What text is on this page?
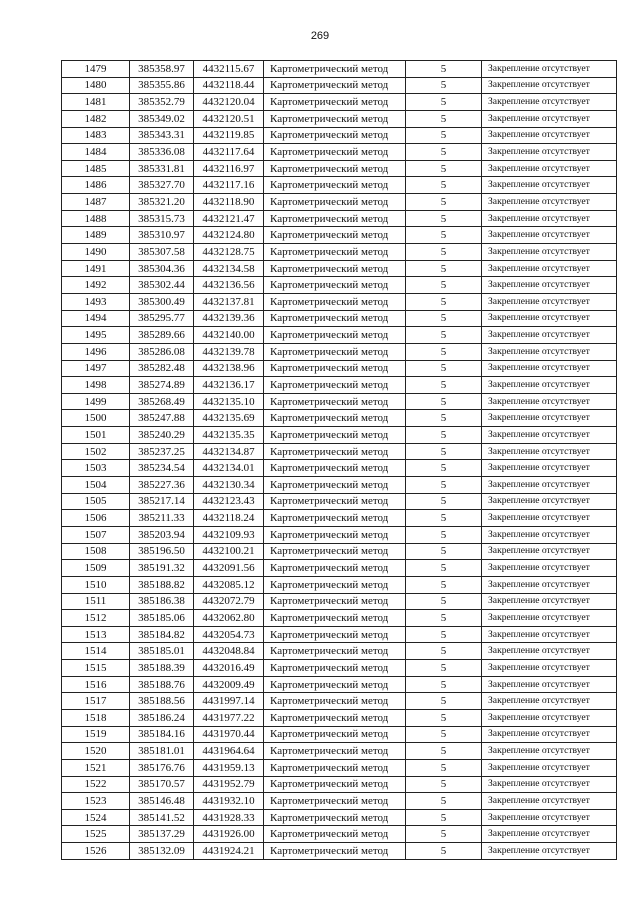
269
1479	385358.97	4432115.67	Картометрический метод	5	Закрепление отсутствует
1480	385355.86	4432118.44	Картометрический метод	5	Закрепление отсутствует
1481	385352.79	4432120.04	Картометрический метод	5	Закрепление отсутствует
1482	385349.02	4432120.51	Картометрический метод	5	Закрепление отсутствует
1483	385343.31	4432119.85	Картометрический метод	5	Закрепление отсутствует
1484	385336.08	4432117.64	Картометрический метод	5	Закрепление отсутствует
1485	385331.81	4432116.97	Картометрический метод	5	Закрепление отсутствует
1486	385327.70	4432117.16	Картометрический метод	5	Закрепление отсутствует
1487	385321.20	4432118.90	Картометрический метод	5	Закрепление отсутствует
1488	385315.73	4432121.47	Картометрический метод	5	Закрепление отсутствует
1489	385310.97	4432124.80	Картометрический метод	5	Закрепление отсутствует
1490	385307.58	4432128.75	Картометрический метод	5	Закрепление отсутствует
1491	385304.36	4432134.58	Картометрический метод	5	Закрепление отсутствует
1492	385302.44	4432136.56	Картометрический метод	5	Закрепление отсутствует
1493	385300.49	4432137.81	Картометрический метод	5	Закрепление отсутствует
1494	385295.77	4432139.36	Картометрический метод	5	Закрепление отсутствует
1495	385289.66	4432140.00	Картометрический метод	5	Закрепление отсутствует
1496	385286.08	4432139.78	Картометрический метод	5	Закрепление отсутствует
1497	385282.48	4432138.96	Картометрический метод	5	Закрепление отсутствует
1498	385274.89	4432136.17	Картометрический метод	5	Закрепление отсутствует
1499	385268.49	4432135.10	Картометрический метод	5	Закрепление отсутствует
1500	385247.88	4432135.69	Картометрический метод	5	Закрепление отсутствует
1501	385240.29	4432135.35	Картометрический метод	5	Закрепление отсутствует
1502	385237.25	4432134.87	Картометрический метод	5	Закрепление отсутствует
1503	385234.54	4432134.01	Картометрический метод	5	Закрепление отсутствует
1504	385227.36	4432130.34	Картометрический метод	5	Закрепление отсутствует
1505	385217.14	4432123.43	Картометрический метод	5	Закрепление отсутствует
1506	385211.33	4432118.24	Картометрический метод	5	Закрепление отсутствует
1507	385203.94	4432109.93	Картометрический метод	5	Закрепление отсутствует
1508	385196.50	4432100.21	Картометрический метод	5	Закрепление отсутствует
1509	385191.32	4432091.56	Картометрический метод	5	Закрепление отсутствует
1510	385188.82	4432085.12	Картометрический метод	5	Закрепление отсутствует
1511	385186.38	4432072.79	Картометрический метод	5	Закрепление отсутствует
1512	385185.06	4432062.80	Картометрический метод	5	Закрепление отсутствует
1513	385184.82	4432054.73	Картометрический метод	5	Закрепление отсутствует
1514	385185.01	4432048.84	Картометрический метод	5	Закрепление отсутствует
1515	385188.39	4432016.49	Картометрический метод	5	Закрепление отсутствует
1516	385188.76	4432009.49	Картометрический метод	5	Закрепление отсутствует
1517	385188.56	4431997.14	Картометрический метод	5	Закрепление отсутствует
1518	385186.24	4431977.22	Картометрический метод	5	Закрепление отсутствует
1519	385184.16	4431970.44	Картометрический метод	5	Закрепление отсутствует
1520	385181.01	4431964.64	Картометрический метод	5	Закрепление отсутствует
1521	385176.76	4431959.13	Картометрический метод	5	Закрепление отсутствует
1522	385170.57	4431952.79	Картометрический метод	5	Закрепление отсутствует
1523	385146.48	4431932.10	Картометрический метод	5	Закрепление отсутствует
1524	385141.52	4431928.33	Картометрический метод	5	Закрепление отсутствует
1525	385137.29	4431926.00	Картометрический метод	5	Закрепление отсутствует
1526	385132.09	4431924.21	Картометрический метод	5	Закрепление отсутствует
